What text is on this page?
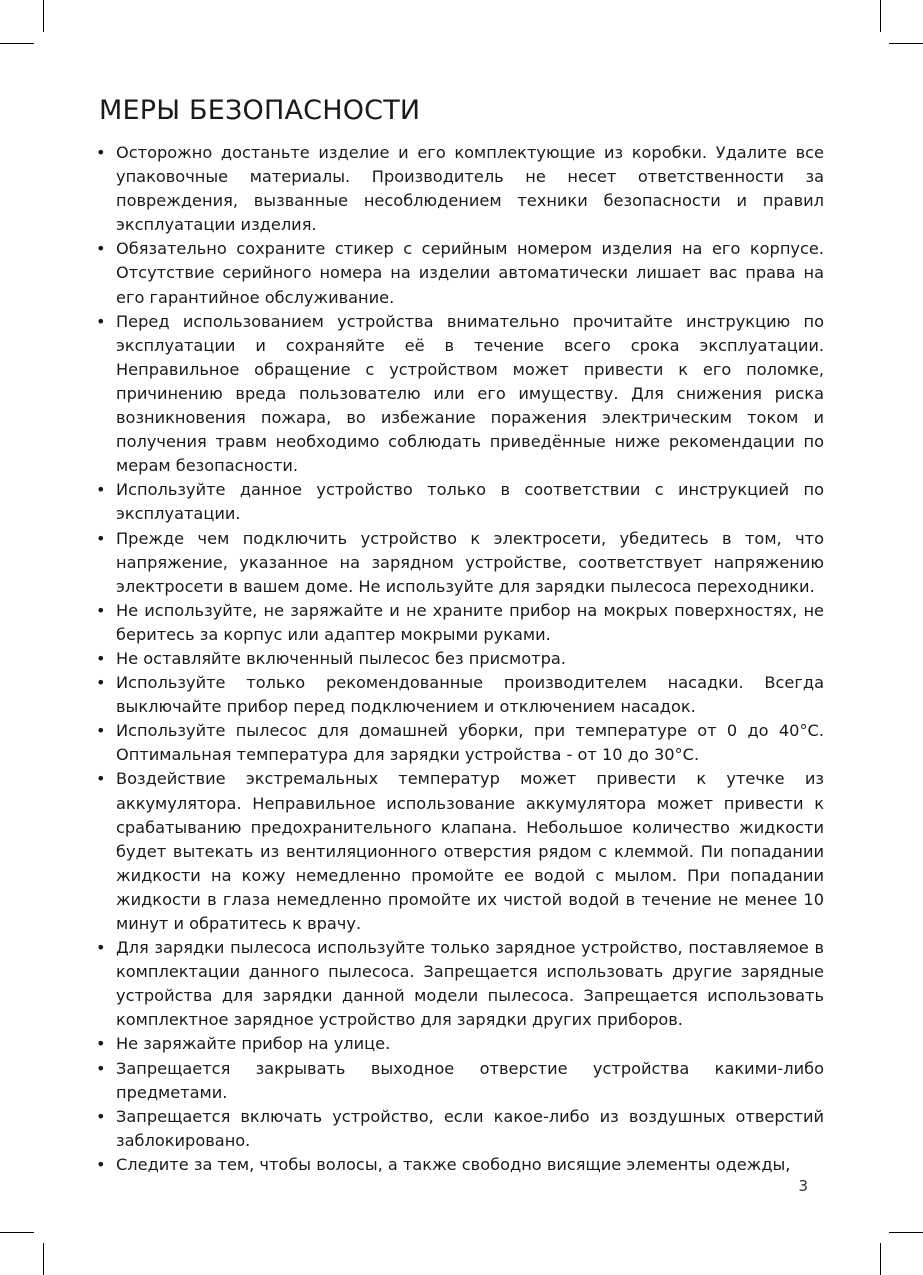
МЕРЫ БЕЗОПАСНОСТИ
• Осторожно достаньте изделие и его комплектующие из коробки. Удалите все упаковочные материалы. Производитель не несет ответственности за повреждения, вызванные несоблюдением техники безопасности и правил эксплуатации изделия.
• Обязательно сохраните стикер с серийным номером изделия на его корпусе. Отсутствие серийного номера на изделии автоматически лишает вас права на его гарантийное обслуживание.
• Перед использованием устройства внимательно прочитайте инструкцию по эксплуатации и сохраняйте её в течение всего срока эксплуатации. Неправильное обращение с устройством может привести к его поломке, причинению вреда пользователю или его имуществу. Для снижения риска возникновения пожара, во избежание поражения электрическим током и получения травм необходимо соблюдать приведённые ниже рекомендации по мерам безопасности.
• Используйте данное устройство только в соответствии с инструкцией по эксплуатации.
• Прежде чем подключить устройство к электросети, убедитесь в том, что напряжение, указанное на зарядном устройстве, соответствует напряжению электросети в вашем доме. Не используйте для зарядки пылесоса переходники.
• Не используйте, не заряжайте и не храните прибор на мокрых поверхностях, не беритесь за корпус или адаптер мокрыми руками.
• Не оставляйте включенный пылесос без присмотра.
• Используйте только рекомендованные производителем насадки. Всегда выключайте прибор перед подключением и отключением насадок.
• Используйте пылесос для домашней уборки, при температуре от 0 до 40°С. Оптимальная температура для зарядки устройства - от 10 до 30°С.
• Воздействие экстремальных температур может привести к утечке из аккумулятора. Неправильное использование аккумулятора может привести к срабатыванию предохранительного клапана. Небольшое количество жидкости будет вытекать из вентиляционного отверстия рядом с клеммой. Пи попадании жидкости на кожу немедленно промойте ее водой с мылом. При попадании жидкости в глаза немедленно промойте их чистой водой в течение не менее 10 минут и обратитесь к врачу.
• Для зарядки пылесоса используйте только зарядное устройство, поставляемое в комплектации данного пылесоса. Запрещается использовать другие зарядные устройства для зарядки данной модели пылесоса. Запрещается использовать комплектное зарядное устройство для зарядки других приборов.
• Не заряжайте прибор на улице.
• Запрещается закрывать выходное отверстие устройства какими-либо предметами.
• Запрещается включать устройство, если какое-либо из воздушных отверстий заблокировано.
• Следите за тем, чтобы волосы, а также свободно висящие элементы одежды,
3
